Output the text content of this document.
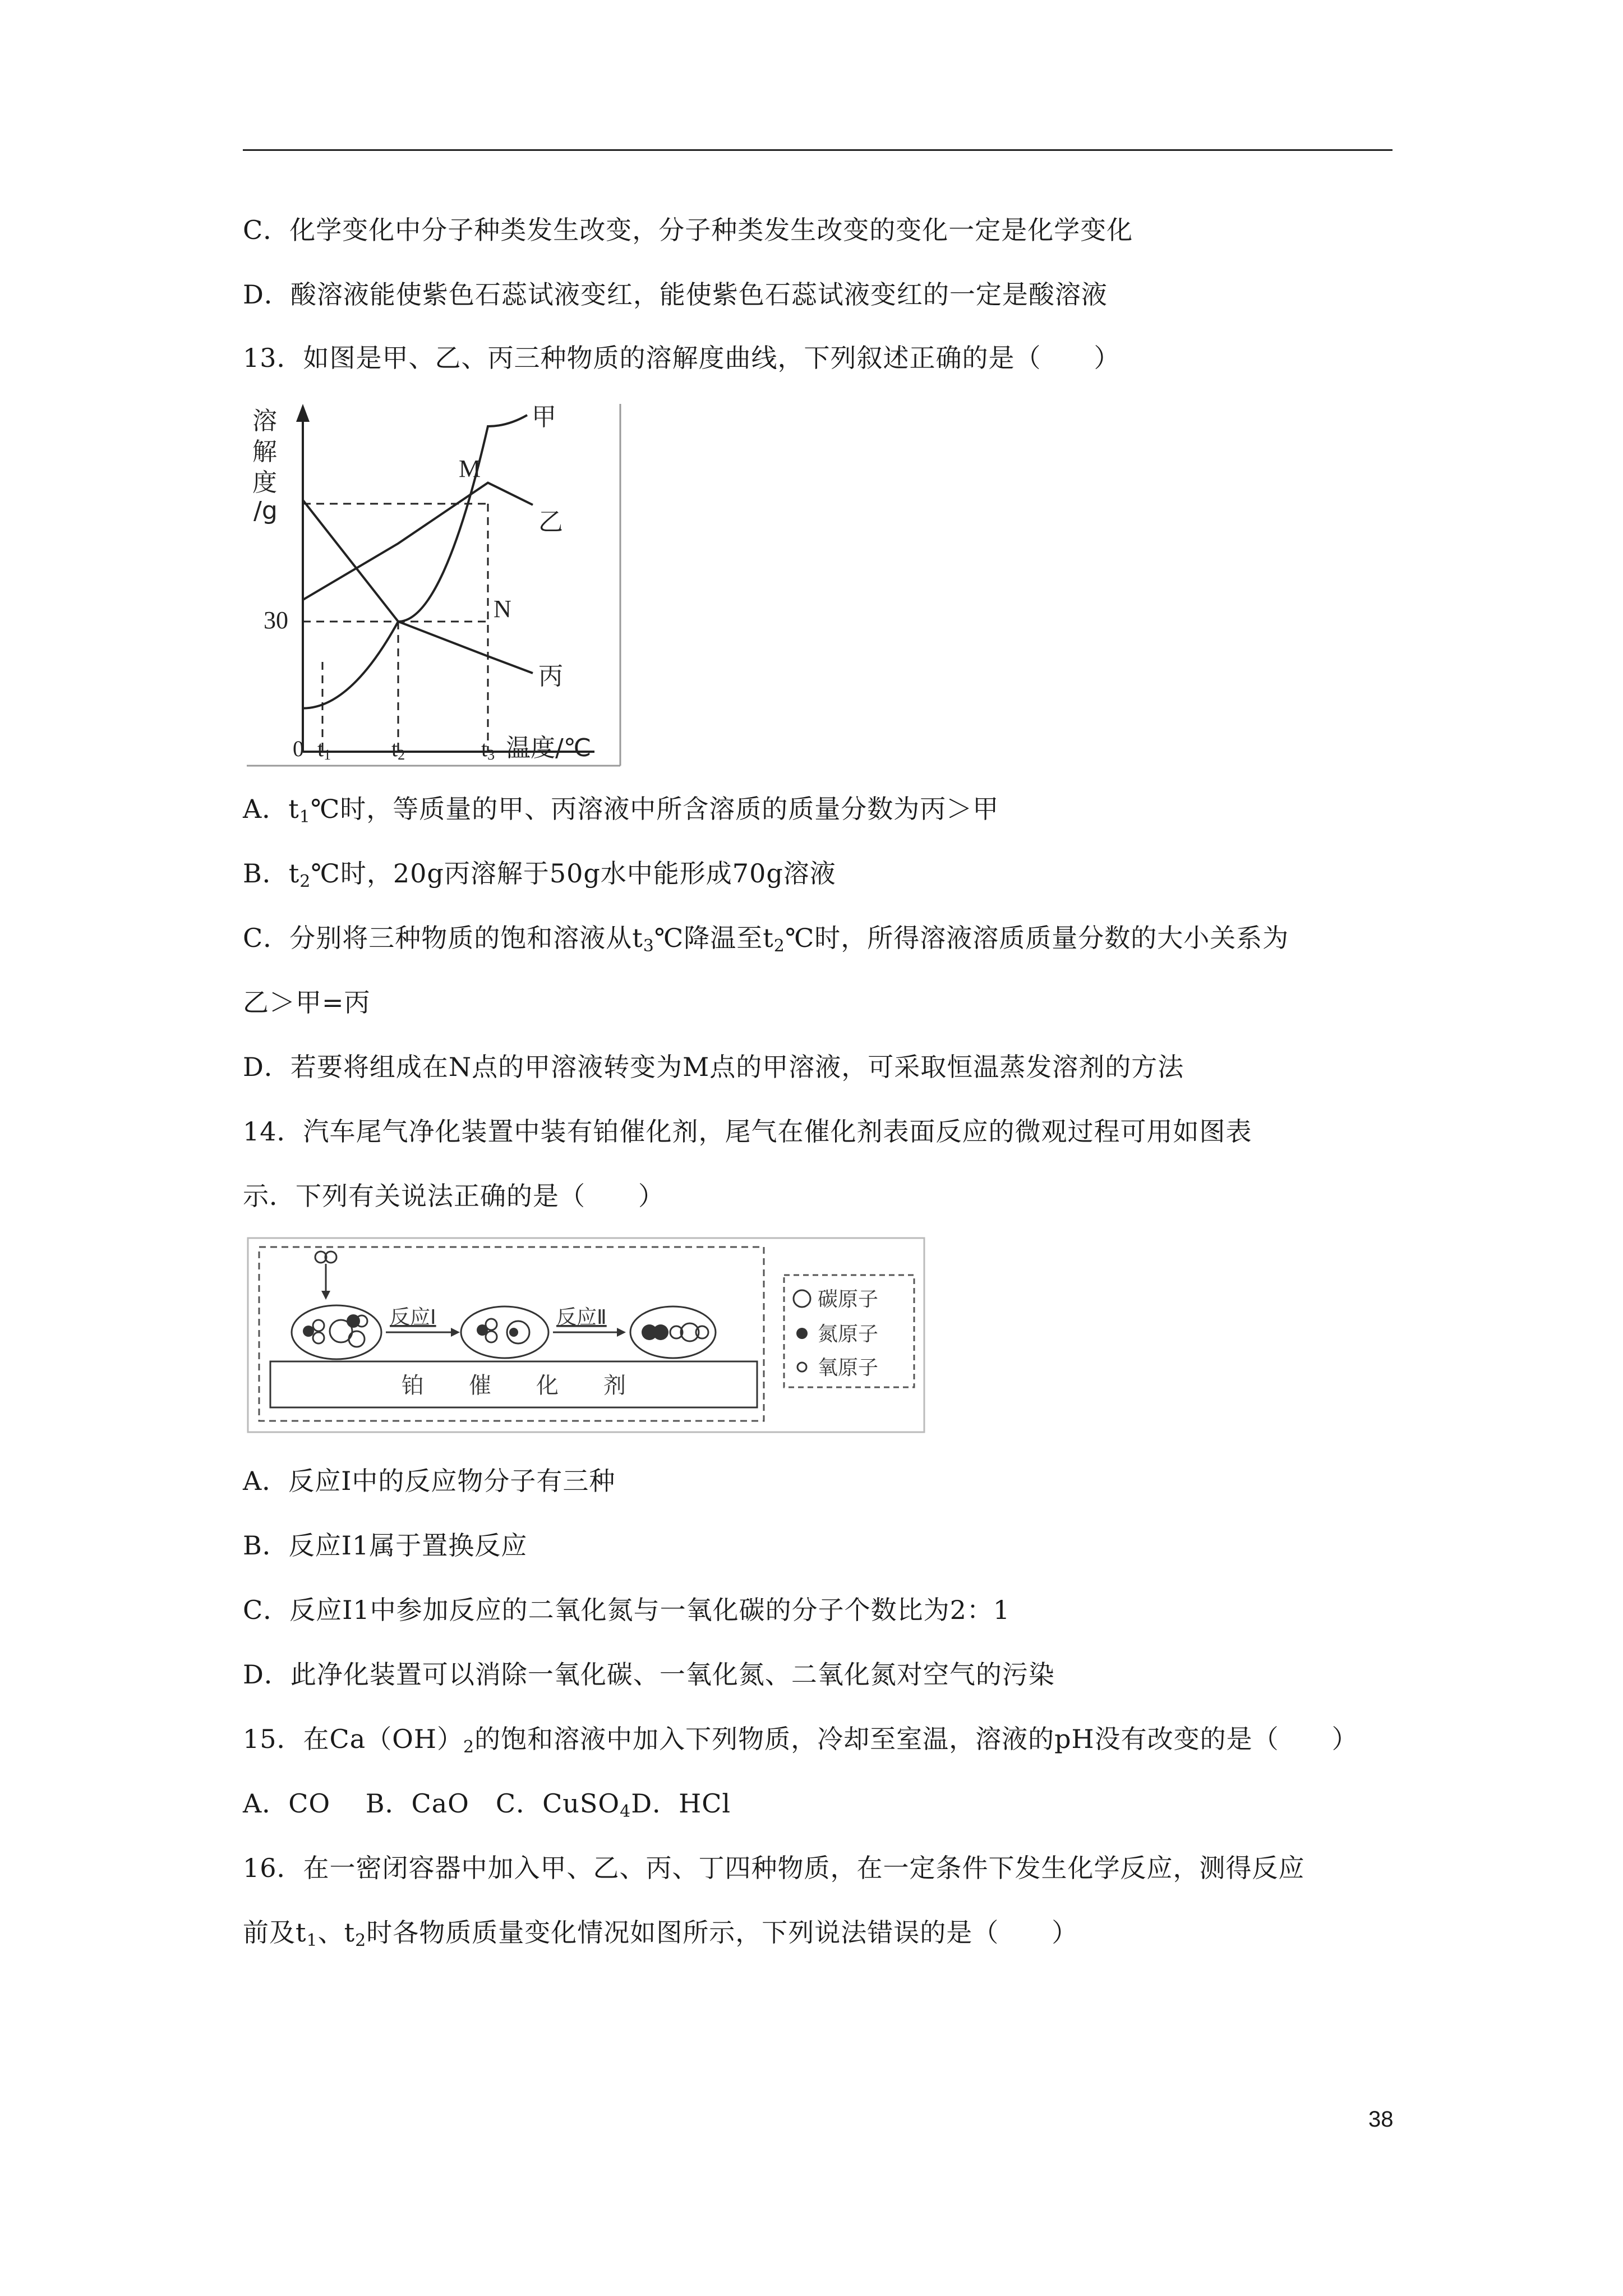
C．化学变化中分子种类发生改变，分子种类发生改变的变化一定是化学变化
D．酸溶液能使紫色石蕊试液变红，能使紫色石蕊试液变红的一定是酸溶液
13．如图是甲、乙、丙三种物质的溶解度曲线，下列叙述正确的是（　　）
溶
解
度
/g
30
0 t1	t2	t3 温度/℃
甲
乙
丙
M
N
A．$t_1℃$时，等质量的甲、丙溶液中所含溶质的质量分数为丙＞甲
B．$t_2℃$时，20g丙溶解于50g水中能形成70g溶液
C．分别将三种物质的饱和溶液从$t_3℃$降温至$t_2℃$时，所得溶液溶质质量分数的大小关系为
乙＞甲=丙
D．若要将组成在N点的甲溶液转变为M点的甲溶液，可采取恒温蒸发溶剂的方法
14．汽车尾气净化装置中装有铂催化剂，尾气在催化剂表面反应的微观过程可用如图表
示．下列有关说法正确的是（　　）
铂　　催　　化　　剂
反应Ⅰ	反应Ⅱ
碳原子
氮原子
氧原子
A．反应I中的反应物分子有三种
B．反应I1属于置换反应
C．反应I1中参加反应的二氧化氮与一氧化碳的分子个数比为2：1
D．此净化装置可以消除一氧化碳、一氧化氮、二氧化氮对空气的污染
15．在$Ca(OH)_2$的饱和溶液中加入下列物质，冷却至室温，溶液的pH没有改变的是（　　）
A．CO　 B．CaO　C．CuSO$_4$D．HCl
16．在一密闭容器中加入甲、乙、丙、丁四种物质，在一定条件下发生化学反应，测得反应
前及$t_1$、$t_2$时各物质质量变化情况如图所示，下列说法错误的是（　　）
38
